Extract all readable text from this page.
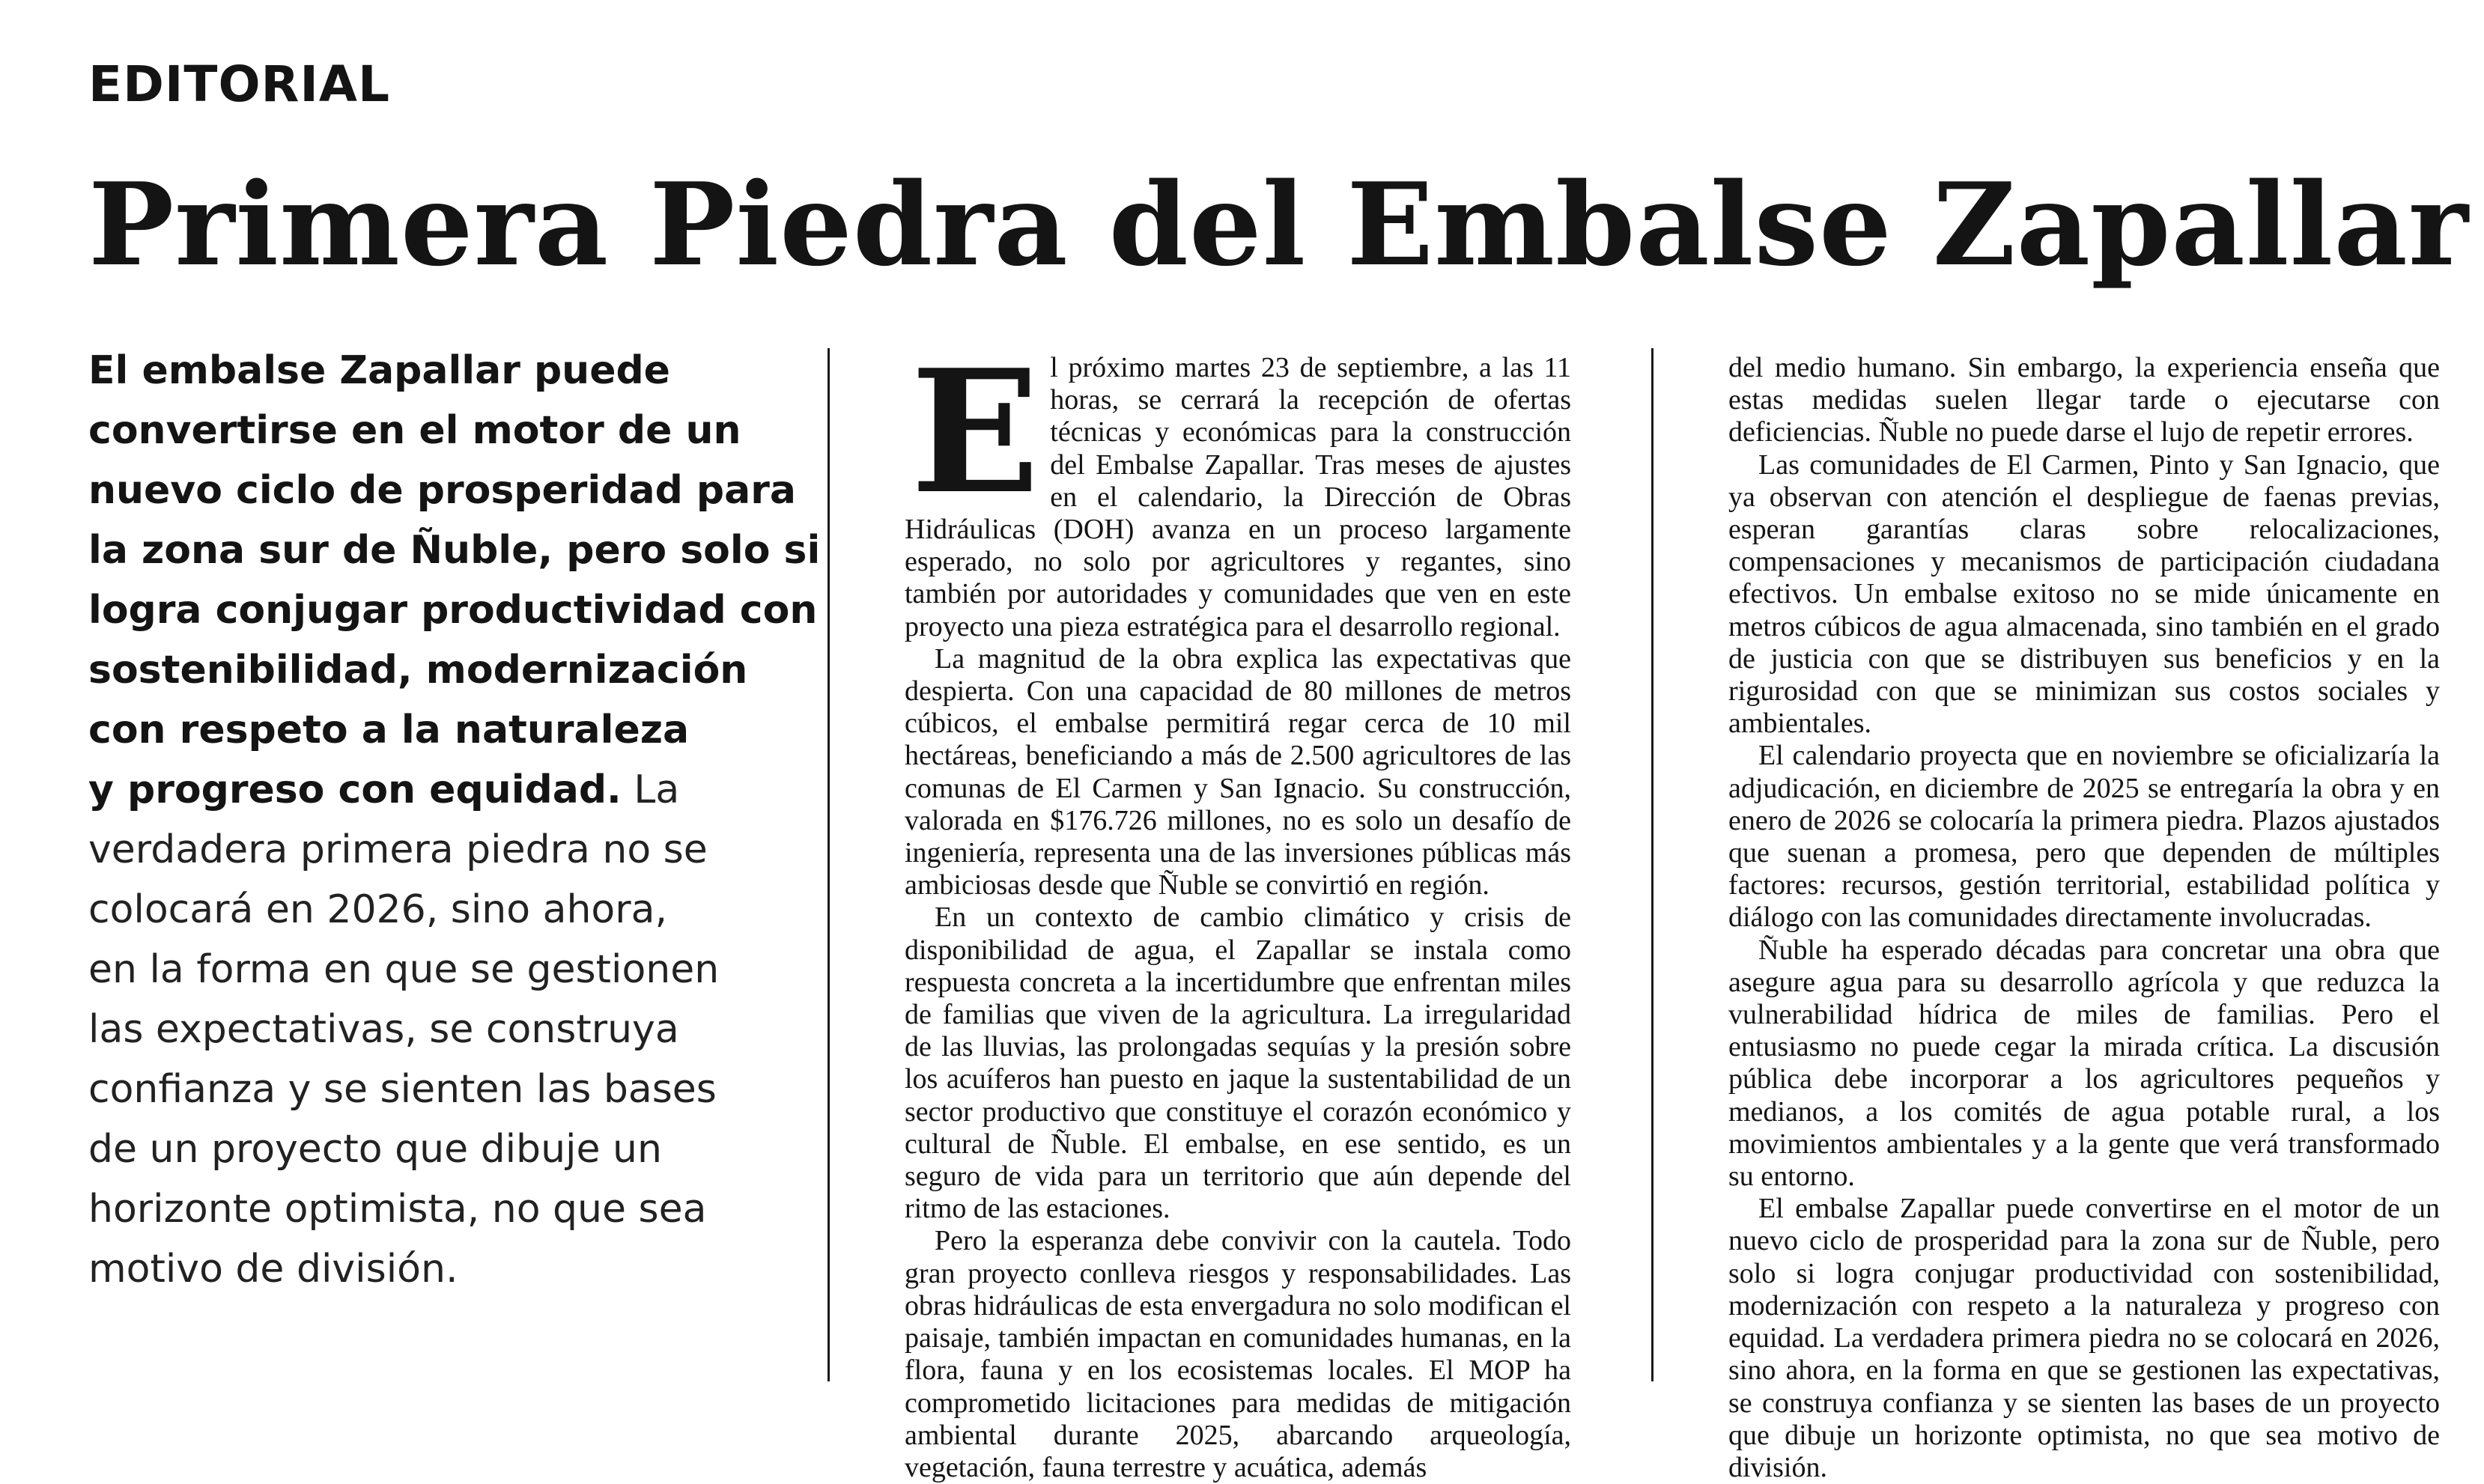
EDITORIAL
Primera Piedra del Embalse Zapallar
El embalse Zapallar puede
convertirse en el motor de un
nuevo ciclo de prosperidad para
la zona sur de Ñuble, pero solo si
logra conjugar productividad con
sostenibilidad, modernización
con respeto a la naturaleza
y progreso con equidad. La
verdadera primera piedra no se
colocará en 2026, sino ahora,
en la forma en que se gestionen
las expectativas, se construya
confianza y se sienten las bases
de un proyecto que dibuje un
horizonte optimista, no que sea
motivo de división.

El próximo martes 23 de septiembre, a las 11 horas, se cerrará la recepción de ofertas técnicas y económicas para la construcción del Embalse Zapallar. Tras meses de ajustes en el calendario, la Dirección de Obras Hidráulicas (DOH) avanza en un proceso largamente esperado, no solo por agricultores y regantes, sino también por autoridades y comunidades que ven en este proyecto una pieza estratégica para el desarrollo regional.

La magnitud de la obra explica las expectativas que despierta. Con una capacidad de 80 millones de metros cúbicos, el embalse permitirá regar cerca de 10 mil hectáreas, beneficiando a más de 2.500 agricultores de las comunas de El Carmen y San Ignacio. Su construcción, valorada en $176.726 millones, no es solo un desafío de ingeniería, representa una de las inversiones públicas más ambiciosas desde que Ñuble se convirtió en región.

En un contexto de cambio climático y crisis de disponibilidad de agua, el Zapallar se instala como respuesta concreta a la incertidumbre que enfrentan miles de familias que viven de la agricultura. La irregularidad de las lluvias, las prolongadas sequías y la presión sobre los acuíferos han puesto en jaque la sustentabilidad de un sector productivo que constituye el corazón económico y cultural de Ñuble. El embalse, en ese sentido, es un seguro de vida para un territorio que aún depende del ritmo de las estaciones.

Pero la esperanza debe convivir con la cautela. Todo gran proyecto conlleva riesgos y responsabilidades. Las obras hidráulicas de esta envergadura no solo modifican el paisaje, también impactan en comunidades humanas, en la flora, fauna y en los ecosistemas locales. El MOP ha comprometido licitaciones para medidas de mitigación ambiental durante 2025, abarcando arqueología, vegetación, fauna terrestre y acuática, además

del medio humano. Sin embargo, la experiencia enseña que estas medidas suelen llegar tarde o ejecutarse con deficiencias. Ñuble no puede darse el lujo de repetir errores.

Las comunidades de El Carmen, Pinto y San Ignacio, que ya observan con atención el despliegue de faenas previas, esperan garantías claras sobre relocalizaciones, compensaciones y mecanismos de participación ciudadana efectivos. Un embalse exitoso no se mide únicamente en metros cúbicos de agua almacenada, sino también en el grado de justicia con que se distribuyen sus beneficios y en la rigurosidad con que se minimizan sus costos sociales y ambientales.

El calendario proyecta que en noviembre se oficializaría la adjudicación, en diciembre de 2025 se entregaría la obra y en enero de 2026 se colocaría la primera piedra. Plazos ajustados que suenan a promesa, pero que dependen de múltiples factores: recursos, gestión territorial, estabilidad política y diálogo con las comunidades directamente involucradas.

Ñuble ha esperado décadas para concretar una obra que asegure agua para su desarrollo agrícola y que reduzca la vulnerabilidad hídrica de miles de familias. Pero el entusiasmo no puede cegar la mirada crítica. La discusión pública debe incorporar a los agricultores pequeños y medianos, a los comités de agua potable rural, a los movimientos ambientales y a la gente que verá transformado su entorno.

El embalse Zapallar puede convertirse en el motor de un nuevo ciclo de prosperidad para la zona sur de Ñuble, pero solo si logra conjugar productividad con sostenibilidad, modernización con respeto a la naturaleza y progreso con equidad. La verdadera primera piedra no se colocará en 2026, sino ahora, en la forma en que se gestionen las expectativas, se construya confianza y se sienten las bases de un proyecto que dibuje un horizonte optimista, no que sea motivo de división.
